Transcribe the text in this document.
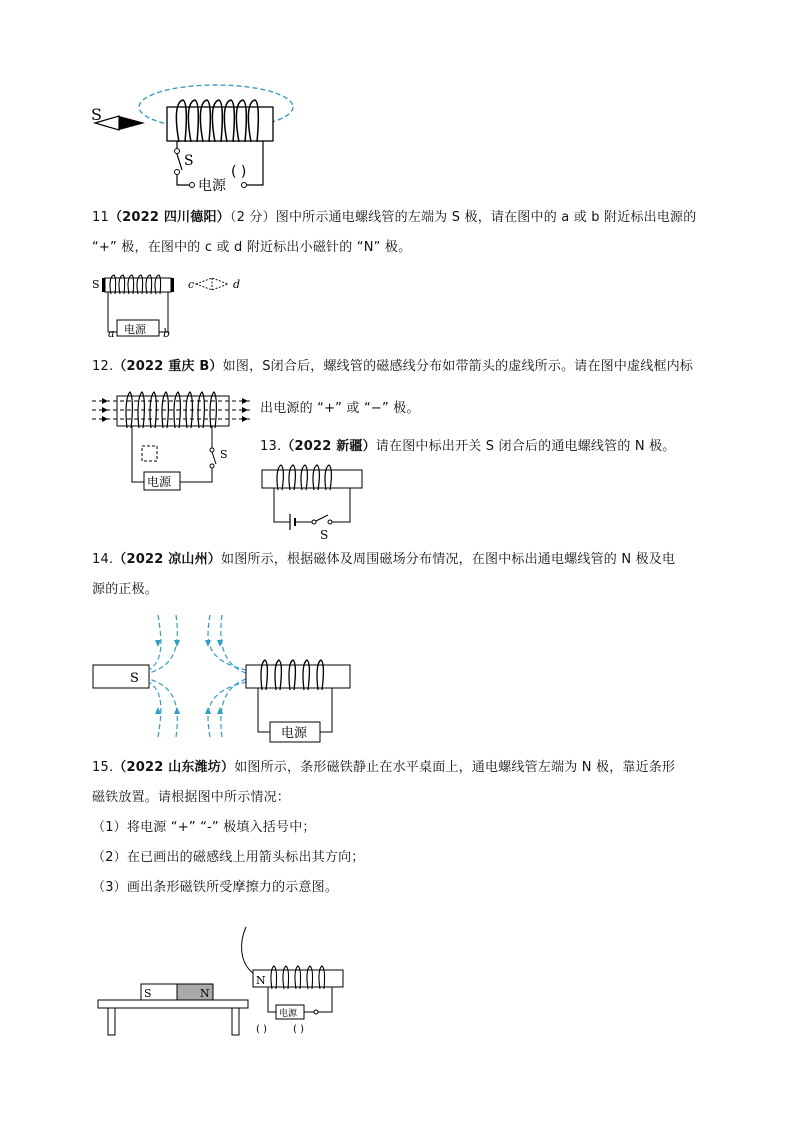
S
S
电源
( )
11（2022 四川德阳）（2 分）图中所示通电螺线管的左端为 S 极，请在图中的 a 或 b 附近标出电源的
“+” 极，在图中的 c 或 d 附近标出小磁针的 “N” 极。
S	c	d
电源
a	b
12.（2022 重庆 B）如图，S闭合后，螺线管的磁感线分布如带箭头的虚线所示。请在图中虚线框内标
出电源的 “+” 或 “−” 极。
S
电源
13.（2022 新疆）请在图中标出开关 S 闭合后的通电螺线管的 N 极。
S
14.（2022 凉山州）如图所示，根据磁体及周围磁场分布情况，在图中标出通电螺线管的 N 极及电
源的正极。
S
电源
15.（2022 山东潍坊）如图所示，条形磁铁静止在水平桌面上，通电螺线管左端为 N 极，靠近条形
磁铁放置。请根据图中所示情况：
（1）将电源 “+” “-” 极填入括号中；
（2）在已画出的磁感线上用箭头标出其方向；
（3）画出条形磁铁所受摩擦力的示意图。
S	N
N
电源
( )	( )
